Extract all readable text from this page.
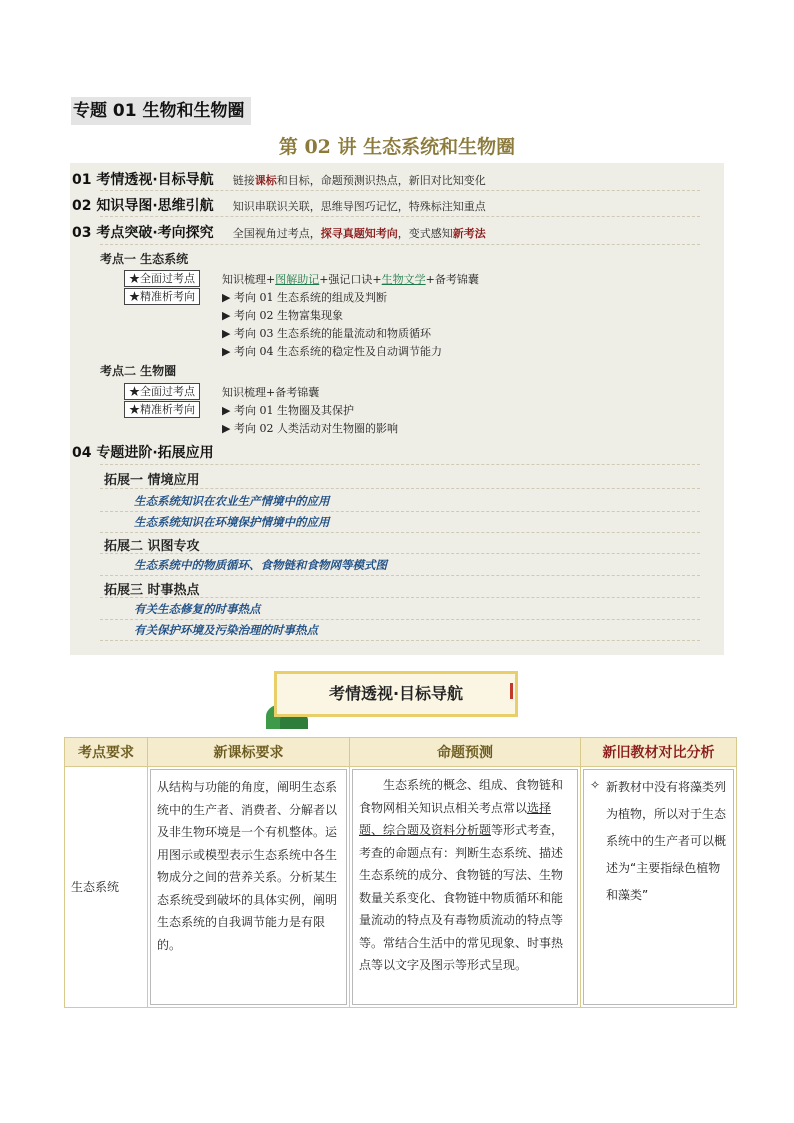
专题 01 生物和生物圈
第 02 讲 生态系统和生物圈
01 考情透视·目标导航 链接课标和目标，命题预测识热点，新旧对比知变化
02 知识导图·思维引航 知识串联识关联，思维导图巧记忆，特殊标注知重点
03 考点突破·考向探究 全国视角过考点，探寻真题知考向，变式感知新考法
考点一 生态系统
★全面过考点	知识梳理+图解助记+强记口诀+生物文学+备考锦囊
★精准析考向	▶ 考向 01 生态系统的组成及判断
▶ 考向 02 生物富集现象
▶ 考向 03 生态系统的能量流动和物质循环
▶ 考向 04 生态系统的稳定性及自动调节能力
考点二 生物圈
★全面过考点	知识梳理+备考锦囊
★精准析考向	▶ 考向 01 生物圈及其保护
▶ 考向 02 人类活动对生物圈的影响
04 专题进阶·拓展应用
拓展一 情境应用
生态系统知识在农业生产情境中的应用
生态系统知识在环境保护情境中的应用
拓展二 识图专攻
生态系统中的物质循环、食物链和食物网等模式图
拓展三 时事热点
有关生态修复的时事热点
有关保护环境及污染治理的时事热点
考情透视·目标导航
考点要求	新课标要求	命题预测	新旧教材对比分析
生态系统	从结构与功能的角度，阐明生态系统中的生产者、消费者、分解者以及非生物环境是一个有机整体。运用图示或模型表示生态系统中各生物成分之间的营养关系。分析某生态系统受到破坏的具体实例，阐明生态系统的自我调节能力是有限的。	生态系统的概念、组成、食物链和食物网相关知识点相关考点常以选择题、综合题及资料分析题等形式考查，考查的命题点有：判断生态系统、描述生态系统的成分、食物链的写法、生物数量关系变化、食物链中物质循环和能量流动的特点及有毒物质流动的特点等等。常结合生活中的常见现象、时事热点等以文字及图示等形式呈现。	✧ 新教材中没有将藻类列为植物，所以对于生态系统中的生产者可以概述为“主要指绿色植物和藻类”
